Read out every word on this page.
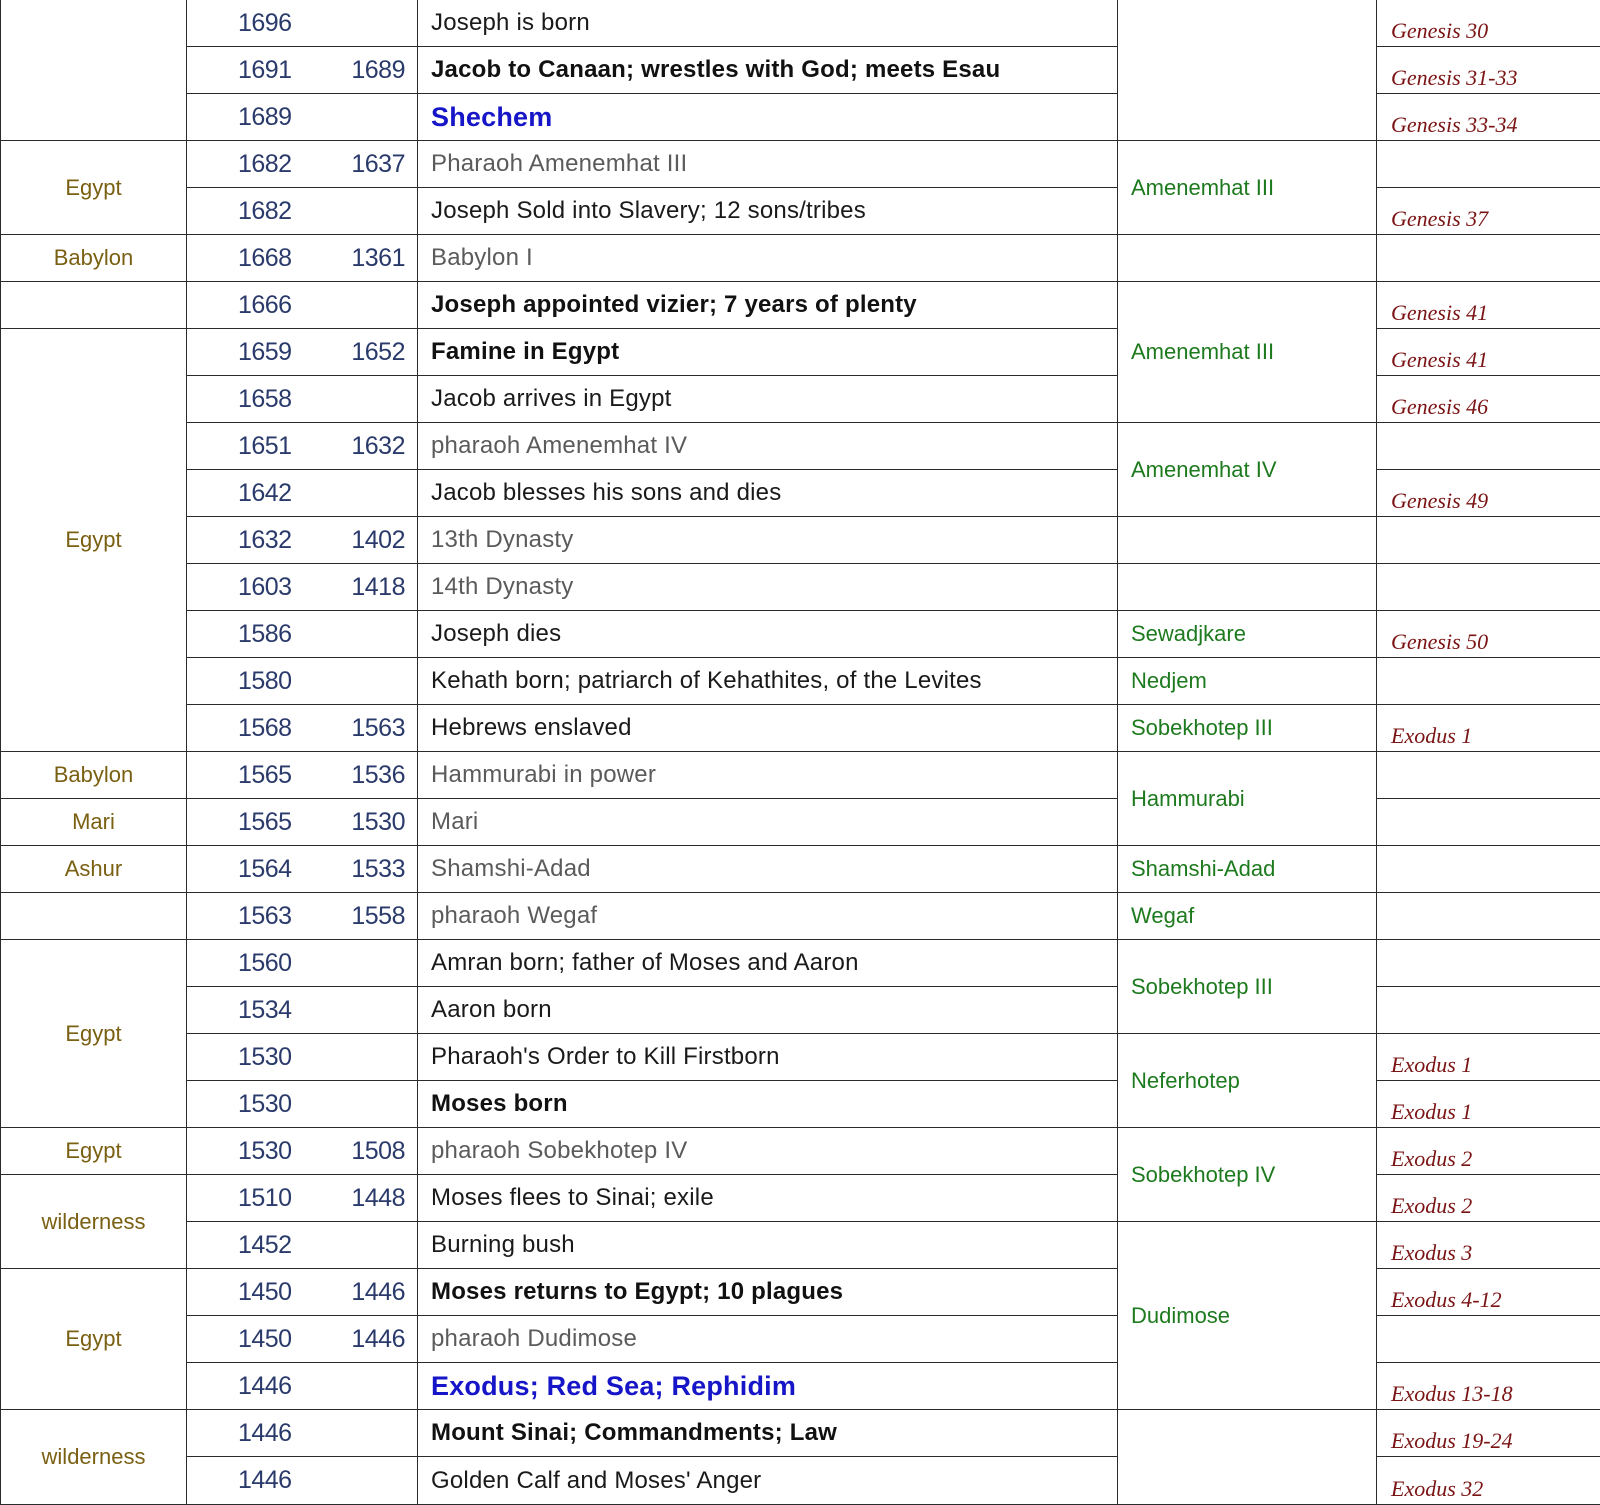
	1696		Joseph is born		Genesis 30
	1691	1689	Jacob to Canaan; wrestles with God; meets Esau		Genesis 31-33
	1689		Shechem		Genesis 33-34
Egypt	1682	1637	Pharaoh Amenemhat III	Amenemhat III	
	1682		Joseph Sold into Slavery; 12 sons/tribes		Genesis 37
Babylon	1668	1361	Babylon I		
	1666		Joseph appointed vizier; 7 years of plenty	Amenemhat III	Genesis 41
Egypt	1659	1652	Famine in Egypt		Genesis 41
	1658		Jacob arrives in Egypt		Genesis 46
	1651	1632	pharaoh Amenemhat IV	Amenemhat IV	
	1642		Jacob blesses his sons and dies		Genesis 49
	1632	1402	13th Dynasty		
	1603	1418	14th Dynasty		
	1586		Joseph dies	Sewadjkare	Genesis 50
	1580		Kehath born; patriarch of Kehathites, of the Levites	Nedjem	
	1568	1563	Hebrews enslaved	Sobekhotep III	Exodus 1
Babylon	1565	1536	Hammurabi in power	Hammurabi	
Mari	1565	1530	Mari		
Ashur	1564	1533	Shamshi-Adad	Shamshi-Adad	
	1563	1558	pharaoh Wegaf	Wegaf	
Egypt	1560		Amran born; father of Moses and Aaron	Sobekhotep III	
	1534		Aaron born		
	1530		Pharaoh's Order to Kill Firstborn	Neferhotep	Exodus 1
	1530		Moses born		Exodus 1
Egypt	1530	1508	pharaoh Sobekhotep IV	Sobekhotep IV	Exodus 2
wilderness	1510	1448	Moses flees to Sinai; exile		Exodus 2
	1452		Burning bush	Dudimose	Exodus 3
Egypt	1450	1446	Moses returns to Egypt; 10 plagues		Exodus 4-12
	1450	1446	pharaoh Dudimose		
	1446		Exodus; Red Sea; Rephidim		Exodus 13-18
wilderness	1446		Mount Sinai; Commandments; Law		Exodus 19-24
	1446		Golden Calf and Moses' Anger		Exodus 32
